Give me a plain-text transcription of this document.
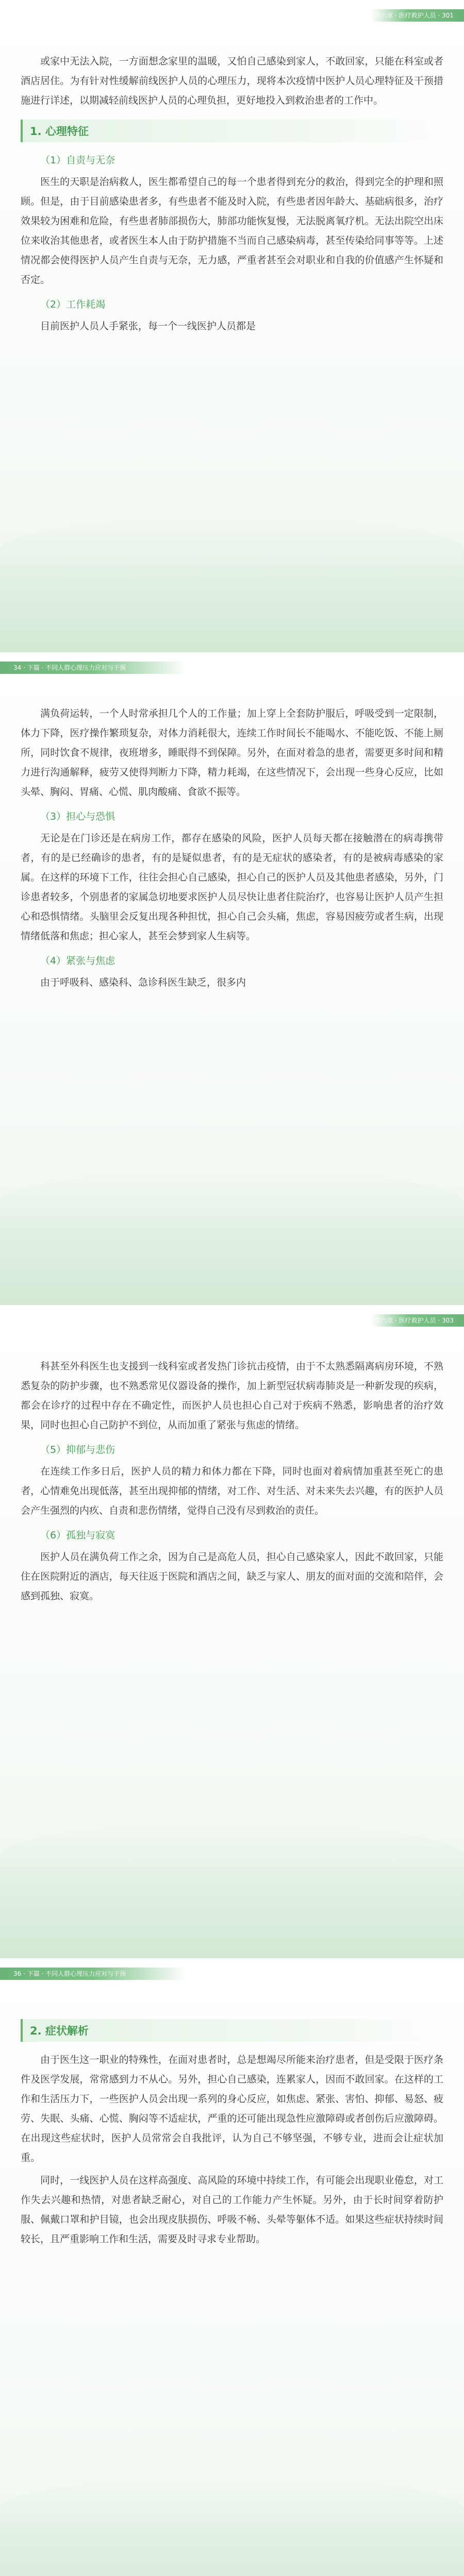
第六章 · 医疗救护人员 · 301

或家中无法入院，一方面想念家里的温暖，又怕自己感染到家人，不敢回家，只能在科室或者酒店居住。为有针对性缓解前线医护人员的心理压力，现将本次疫情中医护人员心理特征及干预措施进行详述，以期减轻前线医护人员的心理负担，更好地投入到救治患者的工作中。

1. 心理特征
（1）自责与无奈

医生的天职是治病救人，医生都希望自己的每一个患者得到充分的救治，得到完全的护理和照顾。但是，由于目前感染患者多，有些患者不能及时入院，有些患者因年龄大、基础病很多，治疗效果较为困难和危险，有些患者肺部损伤大，肺部功能恢复慢，无法脱离氧疗机。无法出院空出床位来收治其他患者，或者医生本人由于防护措施不当而自己感染病毒，甚至传染给同事等等。上述情况都会使得医护人员产生自责与无奈，无力感，严重者甚至会对职业和自我的价值感产生怀疑和否定。

（2）工作耗竭

目前医护人员人手紧张，每一个一线医护人员都是

34 · 下篇 · 不同人群心理压力应对与干预

满负荷运转，一个人时常承担几个人的工作量；加上穿上全套防护服后，呼吸受到一定限制，体力下降，医疗操作繁琐复杂，对体力消耗很大，连续工作时间长不能喝水、不能吃饭、不能上厕所，同时饮食不规律，夜班增多，睡眠得不到保障。另外，在面对着急的患者，需要更多时间和精力进行沟通解释，疲劳又使得判断力下降，精力耗竭，在这些情况下，会出现一些身心反应，比如头晕、胸闷、胃痛、心慌、肌肉酸痛、食欲不振等。

（3）担心与恐惧

无论是在门诊还是在病房工作，都存在感染的风险，医护人员每天都在接触潜在的病毒携带者，有的是已经确诊的患者，有的是疑似患者，有的是无症状的感染者，有的是被病毒感染的家属。在这样的环境下工作，往往会担心自己感染，担心自己的医护人员及其他患者感染，另外，门诊患者较多，个别患者的家属急切地要求医护人员尽快让患者住院治疗，也容易让医护人员产生担心和恐惧情绪。头脑里会反复出现各种担忧，担心自己会头痛，焦虑，容易因疲劳或者生病，出现情绪低落和焦虑；担心家人，甚至会梦到家人生病等。

（4）紧张与焦虑

由于呼吸科、感染科、急诊科医生缺乏，很多内

第六章 · 医疗救护人员 · 303

科甚至外科医生也支援到一线科室或者发热门诊抗击疫情，由于不太熟悉隔离病房环境，不熟悉复杂的防护步骤，也不熟悉常见仪器设备的操作，加上新型冠状病毒肺炎是一种新发现的疾病，都会在诊疗的过程中存在不确定性，而医护人员也担心自己对于疾病不熟悉，影响患者的治疗效果，同时也担心自己防护不到位，从而加重了紧张与焦虑的情绪。

（5）抑郁与悲伤

在连续工作多日后，医护人员的精力和体力都在下降，同时也面对着病情加重甚至死亡的患者，心情难免出现低落，甚至出现抑郁的情绪，对工作、对生活、对未来失去兴趣，有的医护人员会产生强烈的内疚、自责和悲伤情绪，觉得自己没有尽到救治的责任。

（6）孤独与寂寞

医护人员在满负荷工作之余，因为自己是高危人员，担心自己感染家人，因此不敢回家，只能住在医院附近的酒店，每天往返于医院和酒店之间，缺乏与家人、朋友的面对面的交流和陪伴，会感到孤独、寂寞。

36 · 下篇 · 不同人群心理压力应对与干预
2. 症状解析

由于医生这一职业的特殊性，在面对患者时，总是想竭尽所能来治疗患者，但是受限于医疗条件及医学发展，常常感到力不从心。另外，担心自己感染，连累家人，因而不敢回家。在这样的工作和生活压力下，一些医护人员会出现一系列的身心反应，如焦虑、紧张、害怕、抑郁、易怒、疲劳、失眠、头痛、心慌、胸闷等不适症状，严重的还可能出现急性应激障碍或者创伤后应激障碍。在出现这些症状时，医护人员常常会自我批评，认为自己不够坚强，不够专业，进而会让症状加重。

同时，一线医护人员在这样高强度、高风险的环境中持续工作，有可能会出现职业倦怠，对工作失去兴趣和热情，对患者缺乏耐心，对自己的工作能力产生怀疑。另外，由于长时间穿着防护服、佩戴口罩和护目镜，也会出现皮肤损伤、呼吸不畅、头晕等躯体不适。如果这些症状持续时间较长，且严重影响工作和生活，需要及时寻求专业帮助。
